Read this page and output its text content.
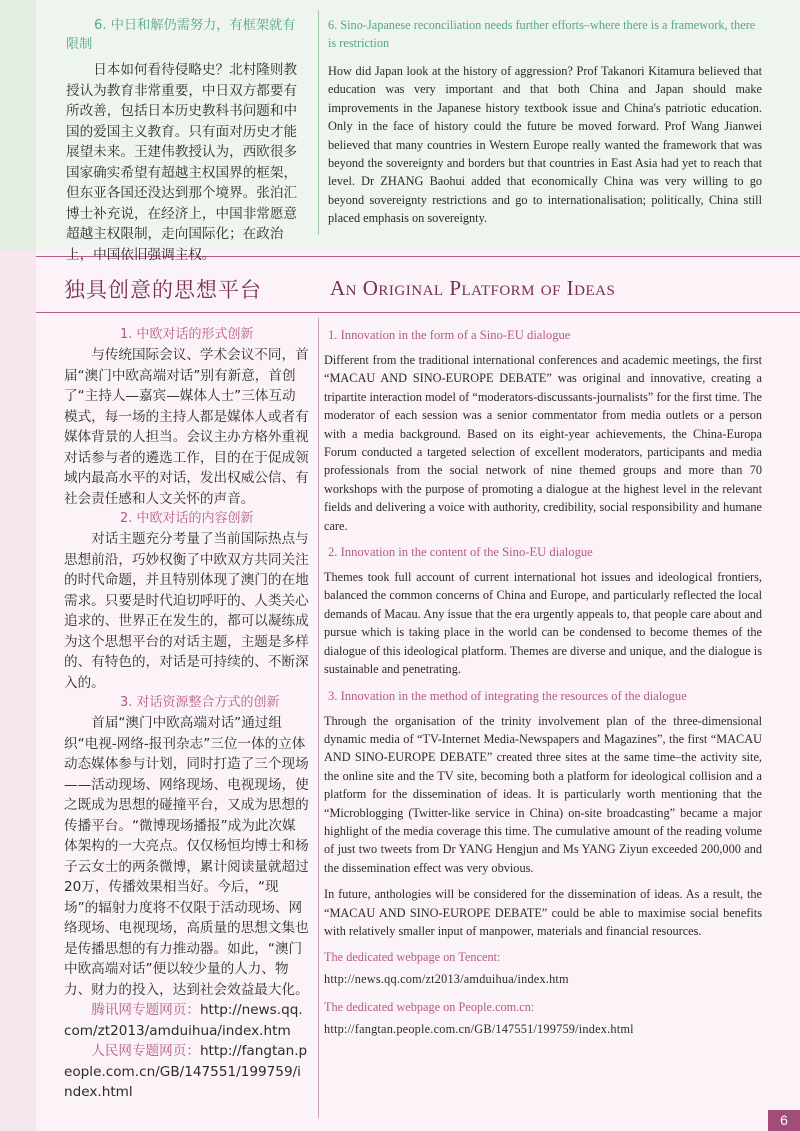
6. 中日和解仍需努力，有框架就有限制

日本如何看待侵略史？北村隆则教授认为教育非常重要，中日双方都要有所改善，包括日本历史教科书问题和中国的爱国主义教育。只有面对历史才能展望未来。王建伟教授认为，西欧很多国家确实希望有超越主权国界的框架，但东亚各国还没达到那个境界。张泊汇博士补充说，在经济上，中国非常愿意超越主权限制，走向国际化；在政治上，中国依旧强调主权。

6. Sino-Japanese reconciliation needs further efforts–where there is a framework, there is restriction

How did Japan look at the history of aggression? Prof Takanori Kitamura believed that education was very important and that both China and Japan should make improvements in the Japanese history textbook issue and China's patriotic education. Only in the face of history could the future be moved forward. Prof Wang Jianwei believed that many countries in Western Europe really wanted the framework that was beyond the sovereignty and borders but that countries in East Asia had yet to reach that level. Dr ZHANG Baohui added that economically China was very willing to go beyond sovereignty restrictions and go to internationalisation; politically, China still placed emphasis on sovereignty.

独具创意的思想平台	An Original Platform of Ideas

1. 中欧对话的形式创新

与传统国际会议、学术会议不同，首届“澳门中欧高端对话”别有新意，首创了“主持人—嘉宾—媒体人士”三体互动模式，每一场的主持人都是媒体人或者有媒体背景的人担当。会议主办方格外重视对话参与者的遴选工作，目的在于促成领域内最高水平的对话，发出权威公信、有社会责任感和人文关怀的声音。

2. 中欧对话的内容创新

对话主题充分考量了当前国际热点与思想前沿，巧妙权衡了中欧双方共同关注的时代命题，并且特别体现了澳门的在地需求。只要是时代迫切呼吁的、人类关心追求的、世界正在发生的，都可以凝练成为这个思想平台的对话主题，主题是多样的、有特色的，对话是可持续的、不断深入的。

3. 对话资源整合方式的创新

首届“澳门中欧高端对话”通过组织“电视-网络-报刊杂志”三位一体的立体动态媒体参与计划，同时打造了三个现场——活动现场、网络现场、电视现场，使之既成为思想的碰撞平台，又成为思想的传播平台。“微博现场播报”成为此次媒体架构的一大亮点。仅仅杨恒均博士和杨子云女士的两条微博，累计阅读量就超过20万，传播效果相当好。今后，“现场”的辐射力度将不仅限于活动现场、网络现场、电视现场，高质量的思想文集也是传播思想的有力推动器。如此，“澳门中欧高端对话”便以较少量的人力、物力、财力的投入，达到社会效益最大化。

腾讯网专题网页：http://news.qq.com/zt2013/amduihua/index.htm

人民网专题网页：http://fangtan.people.com.cn/GB/147551/199759/index.html

1. Innovation in the form of a Sino-EU dialogue

Different from the traditional international conferences and academic meetings, the first “MACAU AND SINO-EUROPE DEBATE” was original and innovative, creating a tripartite interaction model of “moderators-discussants-journalists” for the first time. The moderator of each session was a senior commentator from media outlets or a person with a media background. Based on its eight-year achievements, the China-Europa Forum conducted a targeted selection of excellent moderators, participants and media professionals from the social network of nine themed groups and more than 70 workshops with the purpose of promoting a dialogue at the highest level in the relevant fields and delivering a voice with authority, credibility, social responsibility and humane care.

2. Innovation in the content of the Sino-EU dialogue

Themes took full account of current international hot issues and ideological frontiers, balanced the common concerns of China and Europe, and particularly reflected the local demands of Macau. Any issue that the era urgently appeals to, that people care about and pursue which is taking place in the world can be condensed to become themes of the dialogue of this ideological platform. Themes are diverse and unique, and the dialogue is sustainable and penetrating.

3. Innovation in the method of integrating the resources of the dialogue

Through the organisation of the trinity involvement plan of the three-dimensional dynamic media of “TV-Internet Media-Newspapers and Magazines”, the first “MACAU AND SINO-EUROPE DEBATE” created three sites at the same time–the activity site, the online site and the TV site, becoming both a platform for ideological collision and a platform for the dissemination of ideas. It is particularly worth mentioning that the “Microblogging (Twitter-like service in China) on-site broadcasting” became a major highlight of the media coverage this time. The cumulative amount of the reading volume of just two tweets from Dr YANG Hengjun and Ms YANG Ziyun exceeded 200,000 and the dissemination effect was very obvious.

In future, anthologies will be considered for the dissemination of ideas. As a result, the “MACAU AND SINO-EUROPE DEBATE” could be able to maximise social benefits with relatively smaller input of manpower, materials and financial resources.

The dedicated webpage on Tencent:

http://news.qq.com/zt2013/amduihua/index.htm

The dedicated webpage on People.com.cn:

http://fangtan.people.com.cn/GB/147551/199759/index.html

6
